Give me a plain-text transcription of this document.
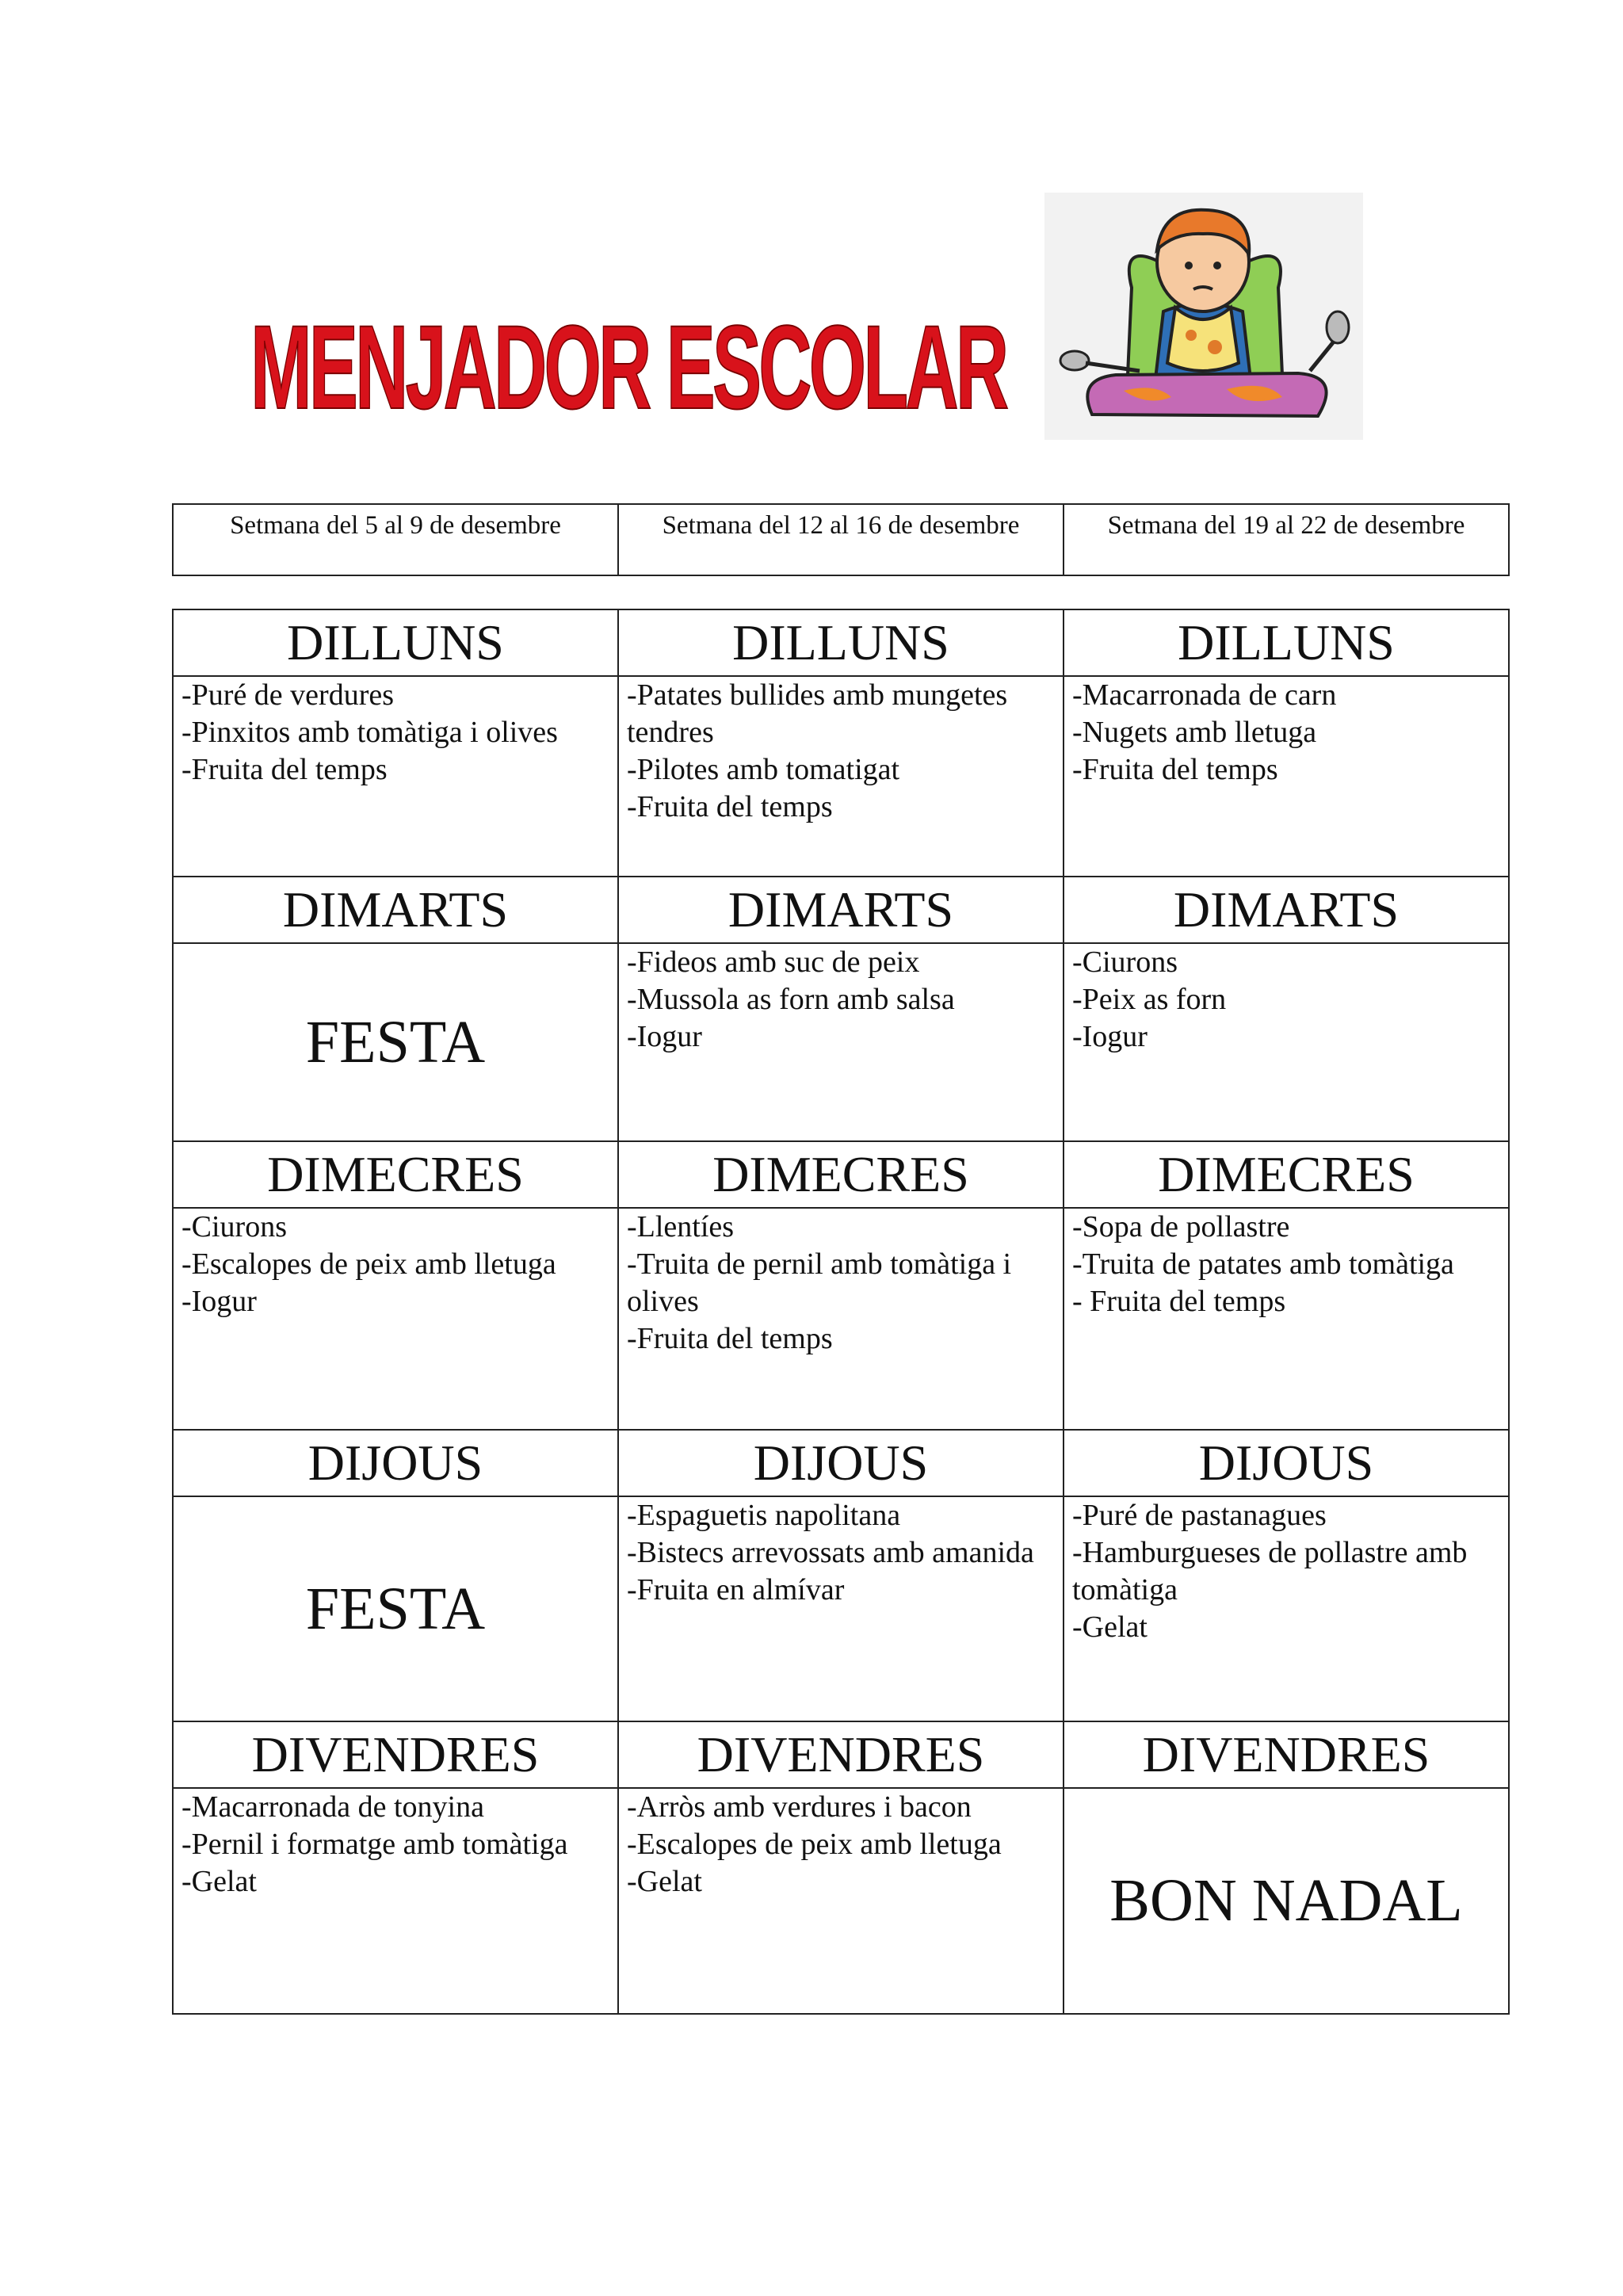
MENJADOR ESCOLAR
Setmana del 5 al 9 de desembre	Setmana del 12 al 16 de desembre	Setmana del 19 al 22 de desembre
DILLUNS	DILLUNS	DILLUNS

-Puré de verdures
-Pinxitos amb tomàtiga i olives
-Fruita del temps	-Patates bullides amb mungetes tendres
-Pilotes amb tomatigat
-Fruita del temps	-Macarronada de carn
-Nugets amb lletuga
-Fruita del temps

DIMARTS	DIMARTS	DIMARTS
FESTA	-Fideos amb suc de peix
-Mussola as forn amb salsa
-Iogur	-Ciurons
-Peix as forn
-Iogur

DIMECRES	DIMECRES	DIMECRES

-Ciurons
-Escalopes de peix amb lletuga
-Iogur	-Llentíes
-Truita de pernil amb tomàtiga i olives
-Fruita del temps	-Sopa de pollastre
-Truita de patates amb tomàtiga
- Fruita del temps

DIJOUS	DIJOUS	DIJOUS
FESTA	-Espaguetis napolitana
-Bistecs arrevossats amb amanida
-Fruita en almívar	-Puré de pastanagues
-Hamburgueses de pollastre amb tomàtiga
-Gelat

DIVENDRES	DIVENDRES	DIVENDRES

-Macarronada de tonyina
-Pernil i formatge amb tomàtiga
-Gelat	-Arròs amb verdures i bacon
-Escalopes de peix amb lletuga
-Gelat	BON NADAL
